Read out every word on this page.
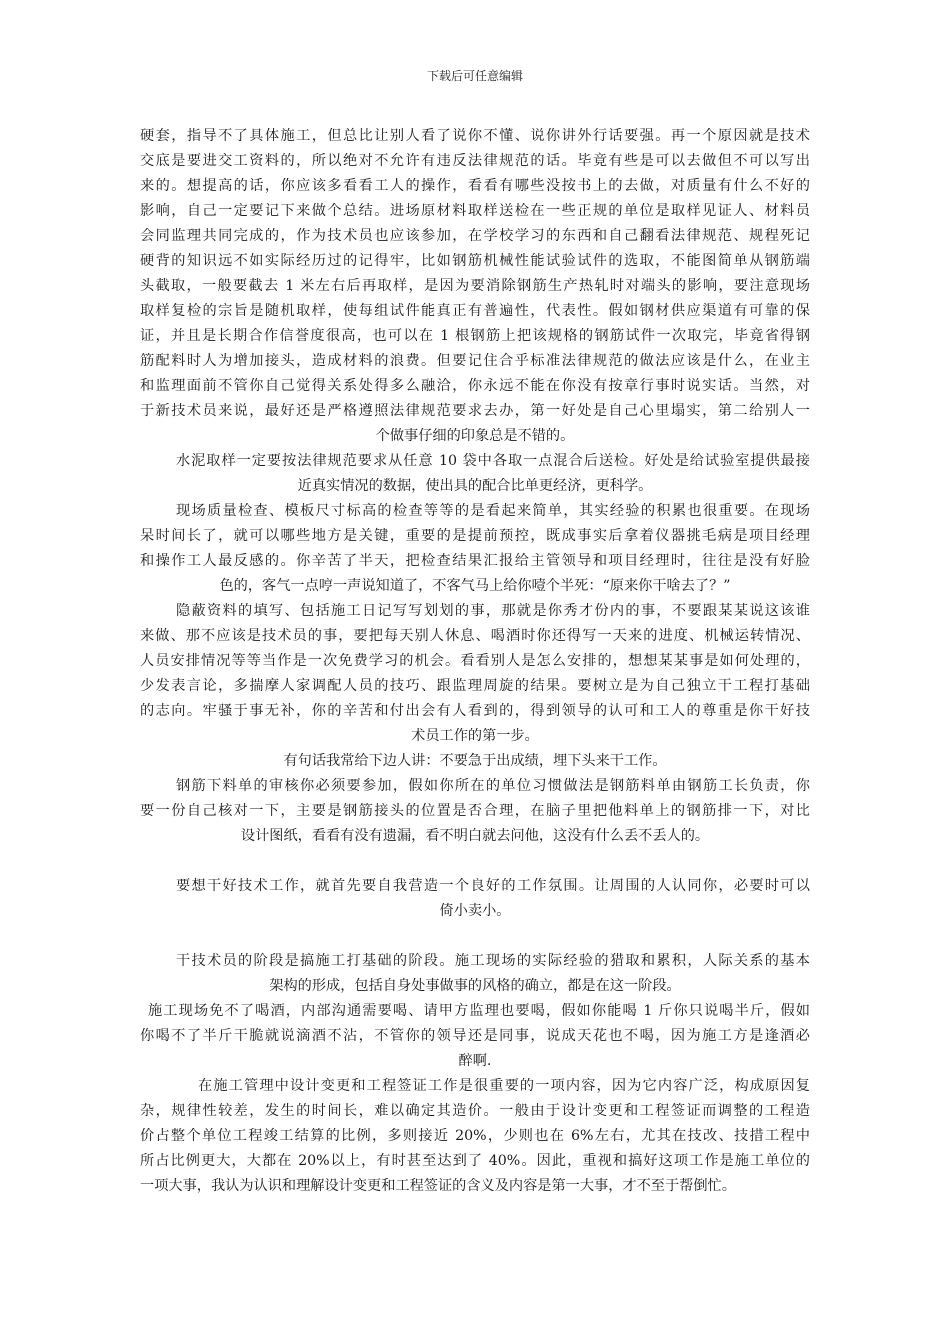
下载后可任意编辑
硬套，指导不了具体施工，但总比让别人看了说你不懂、说你讲外行话要强。再一个原因就是技术
交底是要进交工资料的，所以绝对不允许有违反法律规范的话。毕竟有些是可以去做但不可以写出
来的。想提高的话，你应该多看看工人的操作，看看有哪些没按书上的去做，对质量有什么不好的
影响，自己一定要记下来做个总结。进场原材料取样送检在一些正规的单位是取样见证人、材料员
会同监理共同完成的，作为技术员也应该参加，在学校学习的东西和自己翻看法律规范、规程死记
硬背的知识远不如实际经历过的记得牢，比如钢筋机械性能试验试件的选取，不能图简单从钢筋端
头截取，一般要截去 1 米左右后再取样，是因为要消除钢筋生产热轧时对端头的影响，要注意现场
取样复检的宗旨是随机取样，使每组试件能真正有普遍性，代表性。假如钢材供应渠道有可靠的保
证，并且是长期合作信誉度很高，也可以在 1 根钢筋上把该规格的钢筋试件一次取完，毕竟省得钢
筋配料时人为增加接头，造成材料的浪费。但要记住合乎标准法律规范的做法应该是什么，在业主
和监理面前不管你自己觉得关系处得多么融洽，你永远不能在你没有按章行事时说实话。当然，对
于新技术员来说，最好还是严格遵照法律规范要求去办，第一好处是自己心里塌实，第二给别人一
个做事仔细的印象总是不错的。
水泥取样一定要按法律规范要求从任意 10 袋中各取一点混合后送检。好处是给试验室提供最接
近真实情况的数据，使出具的配合比单更经济，更科学。
现场质量检查、模板尺寸标高的检查等等的是看起来简单，其实经验的积累也很重要。在现场
呆时间长了，就可以哪些地方是关键，重要的是提前预控，既成事实后拿着仪器挑毛病是项目经理
和操作工人最反感的。你辛苦了半天，把检查结果汇报给主管领导和项目经理时，往往是没有好脸
色的，客气一点哼一声说知道了，不客气马上给你噎个半死：“原来你干啥去了？”
隐蔽资料的填写、包括施工日记写写划划的事，那就是你秀才份内的事，不要跟某某说这该谁
来做、那不应该是技术员的事，要把每天别人休息、喝酒时你还得写一天来的进度、机械运转情况、
人员安排情况等等当作是一次免费学习的机会。看看别人是怎么安排的，想想某某事是如何处理的，
少发表言论，多揣摩人家调配人员的技巧、跟监理周旋的结果。要树立是为自己独立干工程打基础
的志向。牢骚于事无补，你的辛苦和付出会有人看到的，得到领导的认可和工人的尊重是你干好技
术员工作的第一步。
有句话我常给下边人讲：不要急于出成绩，埋下头来干工作。
钢筋下料单的审核你必须要参加，假如你所在的单位习惯做法是钢筋料单由钢筋工长负责，你
要一份自己核对一下，主要是钢筋接头的位置是否合理，在脑子里把他料单上的钢筋排一下，对比
设计图纸，看看有没有遗漏，看不明白就去问他，这没有什么丢不丢人的。
要想干好技术工作，就首先要自我营造一个良好的工作氛围。让周围的人认同你，必要时可以
倚小卖小。
干技术员的阶段是搞施工打基础的阶段。施工现场的实际经验的猎取和累积，人际关系的基本
架构的形成，包括自身处事做事的风格的确立，都是在这一阶段。
施工现场免不了喝酒，内部沟通需要喝、请甲方监理也要喝，假如你能喝 1 斤你只说喝半斤，假如
你喝不了半斤干脆就说滴酒不沾，不管你的领导还是同事，说成天花也不喝，因为施工方是逢酒必
醉啊.
在施工管理中设计变更和工程签证工作是很重要的一项内容，因为它内容广泛，构成原因复
杂，规律性较差，发生的时间长，难以确定其造价。一般由于设计变更和工程签证而调整的工程造
价占整个单位工程竣工结算的比例，多则接近 20%，少则也在 6%左右，尤其在技改、技措工程中
所占比例更大，大都在 20%以上，有时甚至达到了 40%。因此，重视和搞好这项工作是施工单位的
一项大事，我认为认识和理解设计变更和工程签证的含义及内容是第一大事，才不至于帮倒忙。
